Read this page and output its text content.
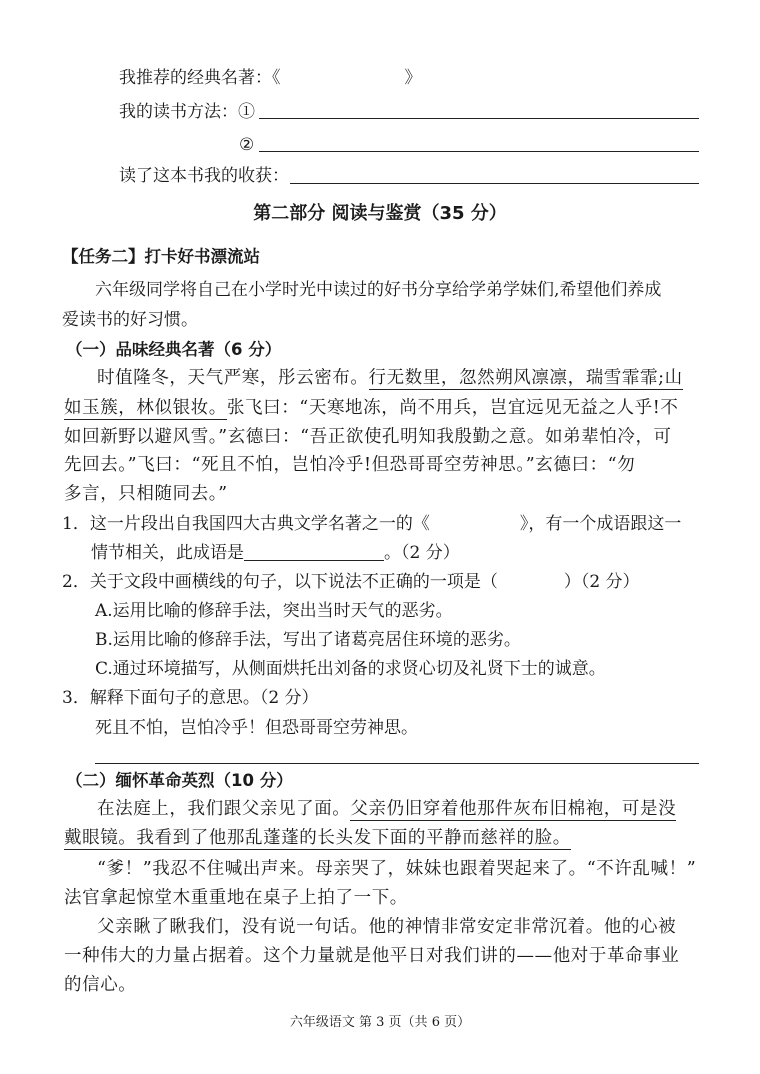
我推荐的经典名著：《	》
我的读书方法：①
②
读了这本书我的收获：
第二部分 阅读与鉴赏（35 分）
【任务二】打卡好书漂流站
六年级同学将自己在小学时光中读过的好书分享给学弟学妹们,希望他们养成
爱读书的好习惯。
（一）品味经典名著（6 分）
时值隆冬，天气严寒，彤云密布。行无数里，忽然朔风凛凛，瑞雪霏霏;山
如玉簇，林似银妆。张飞曰：“天寒地冻，尚不用兵，岂宜远见无益之人乎!不
如回新野以避风雪。”玄德曰：“吾正欲使孔明知我殷勤之意。如弟辈怕冷，可
先回去。”飞曰：“死且不怕，岂怕冷乎!但恐哥哥空劳神思。”玄德曰：“勿
多言，只相随同去。”
1．这一片段出自我国四大古典文学名著之一的《	》，有一个成语跟这一
情节相关，此成语是	。（2 分）
2．关于文段中画横线的句子，以下说法不正确的一项是（	）（2 分）
A.运用比喻的修辞手法，突出当时天气的恶劣。
B.运用比喻的修辞手法，写出了诸葛亮居住环境的恶劣。
C.通过环境描写，从侧面烘托出刘备的求贤心切及礼贤下士的诚意。
3．解释下面句子的意思。（2 分）
死且不怕，岂怕冷乎！但恐哥哥空劳神思。
（二）缅怀革命英烈（10 分）
在法庭上，我们跟父亲见了面。父亲仍旧穿着他那件灰布旧棉袍，可是没
戴眼镜。我看到了他那乱蓬蓬的长头发下面的平静而慈祥的脸。
“爹！”我忍不住喊出声来。母亲哭了，妹妹也跟着哭起来了。“不许乱喊！”
法官拿起惊堂木重重地在桌子上拍了一下。
父亲瞅了瞅我们，没有说一句话。他的神情非常安定非常沉着。他的心被
一种伟大的力量占据着。这个力量就是他平日对我们讲的——他对于革命事业
的信心。
六年级语文 第 3 页（共 6 页）
